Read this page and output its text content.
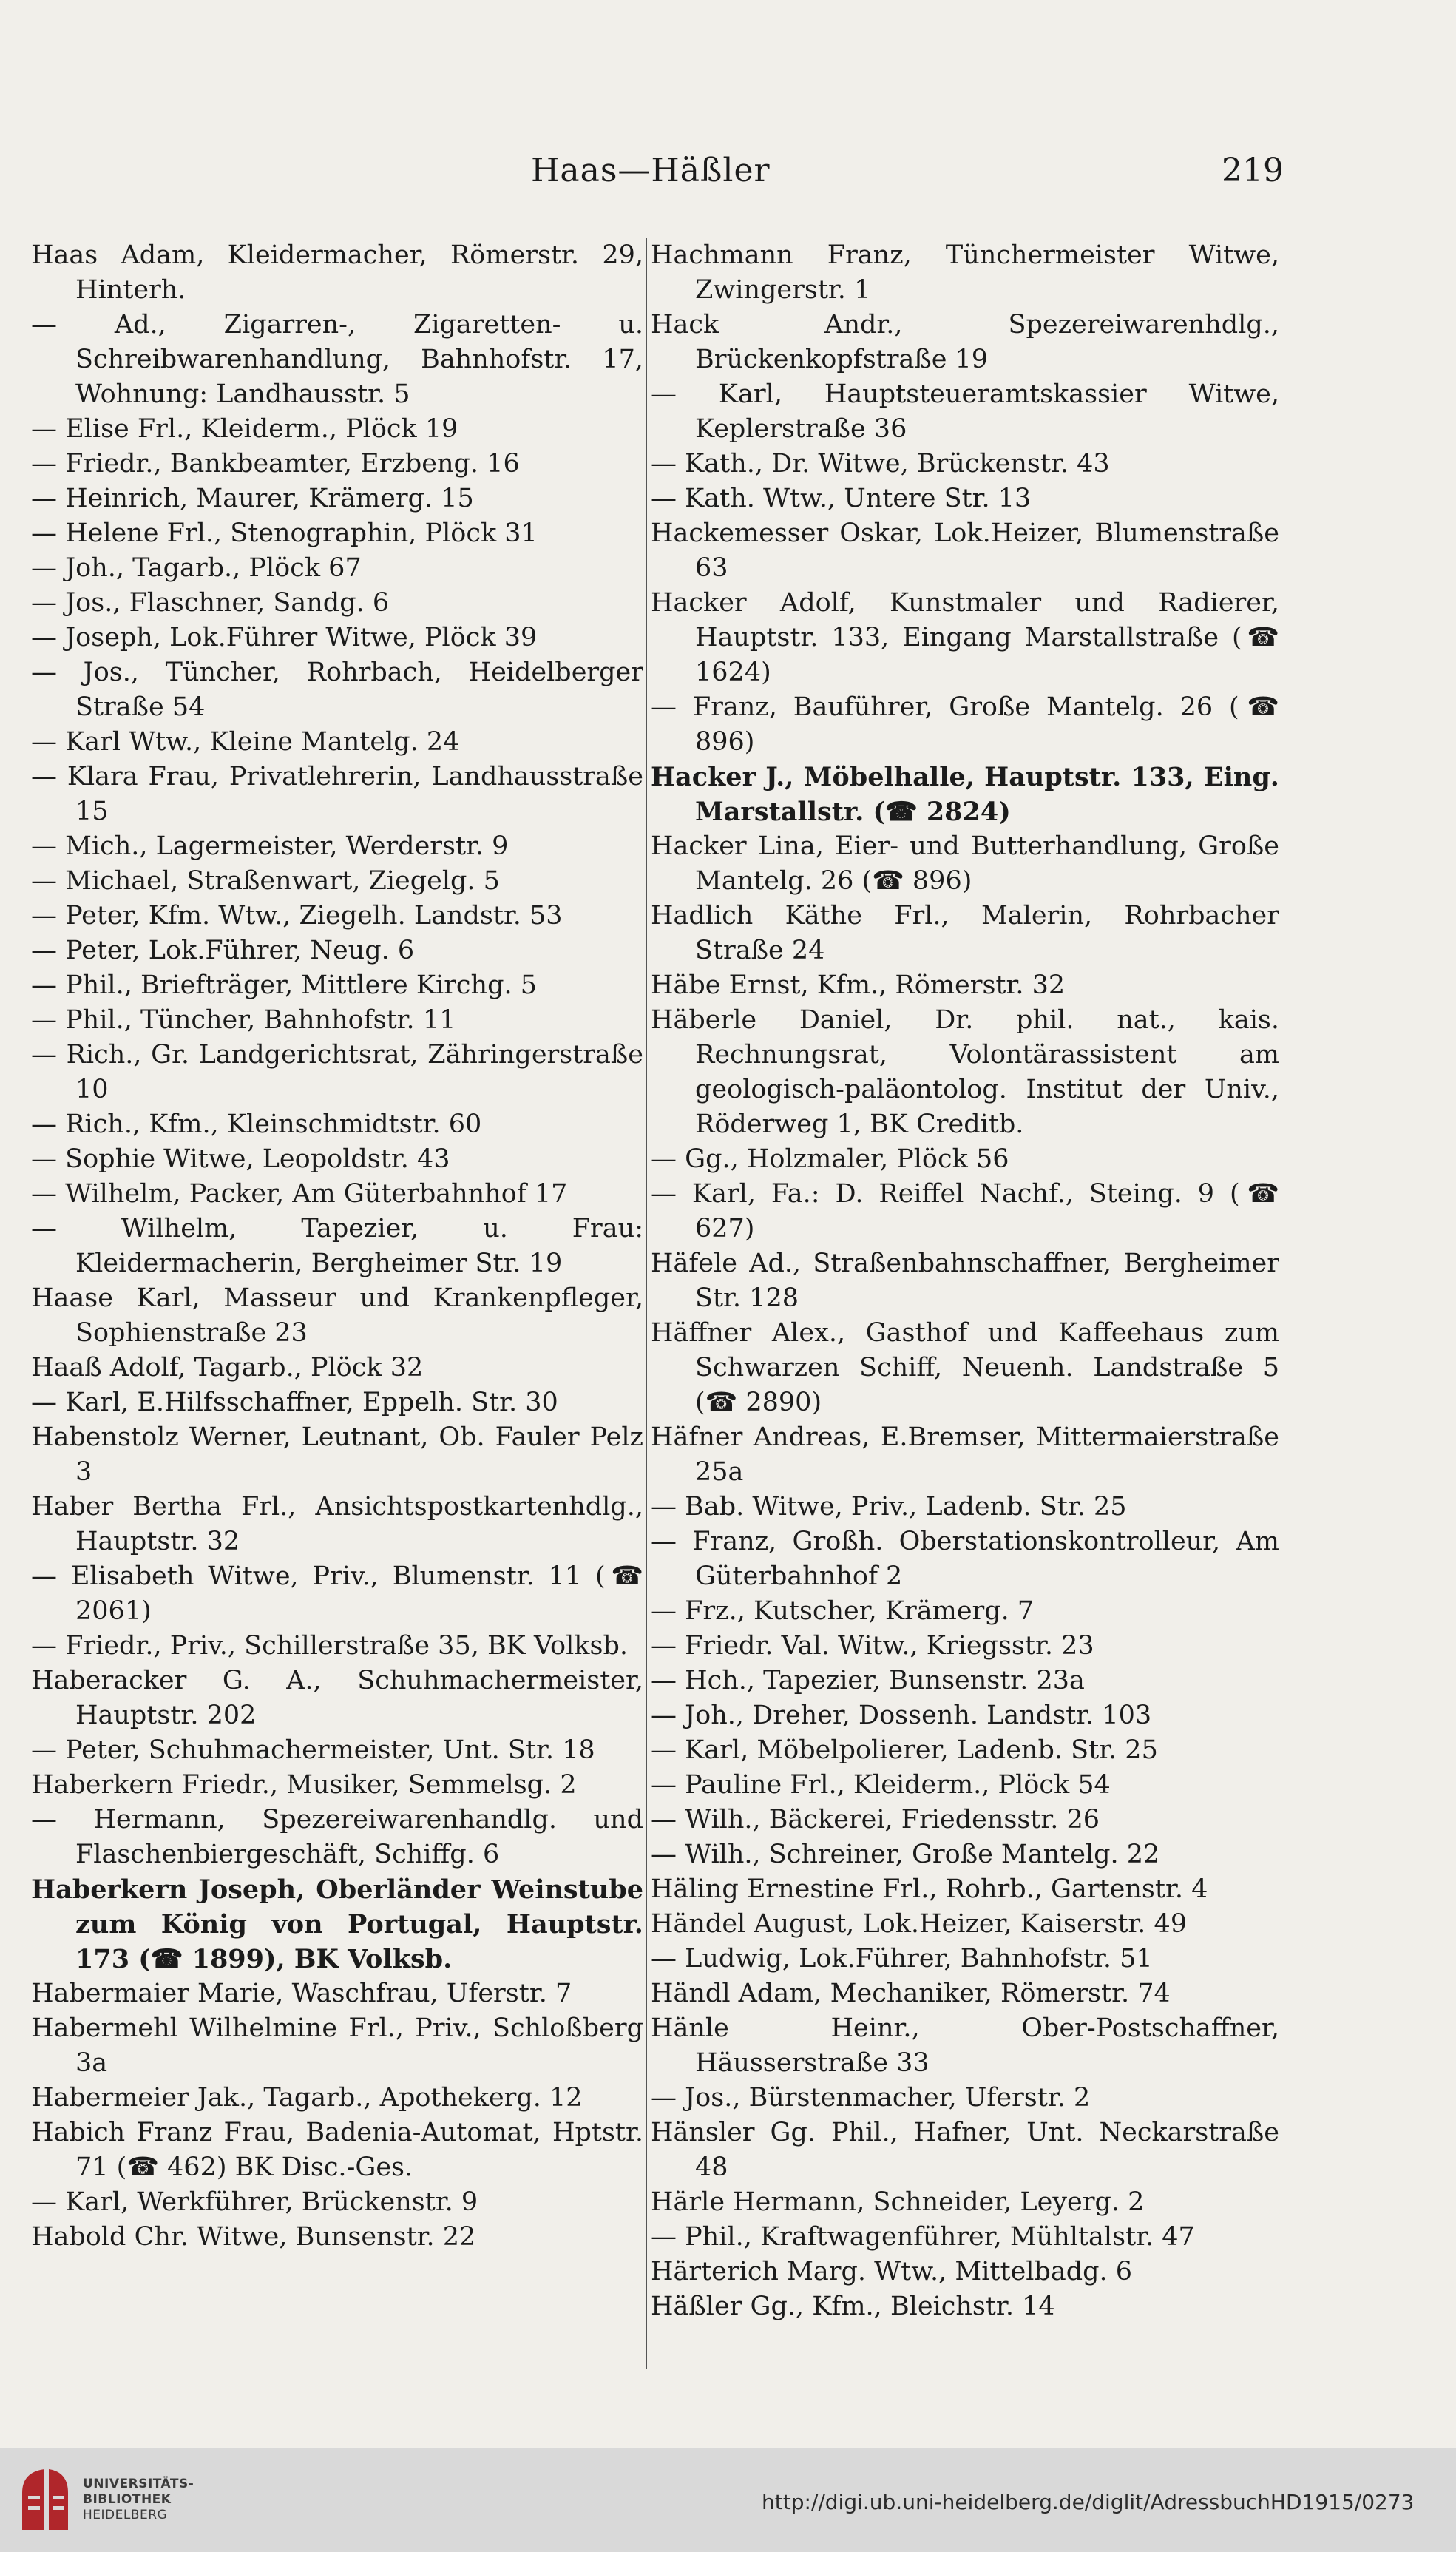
Haas—Häßler	219

Haas Adam, Kleidermacher, Römerstr. 29, Hinterh.

— Ad., Zigarren-, Zigaretten- u. Schreibwarenhandlung, Bahnhofstr. 17, Wohnung: Landhausstr. 5

— Elise Frl., Kleiderm., Plöck 19

— Friedr., Bankbeamter, Erzbeng. 16

— Heinrich, Maurer, Krämerg. 15

— Helene Frl., Stenographin, Plöck 31

— Joh., Tagarb., Plöck 67

— Jos., Flaschner, Sandg. 6

— Joseph, Lok.Führer Witwe, Plöck 39

— Jos., Tüncher, Rohrbach, Heidelberger Straße 54

— Karl Wtw., Kleine Mantelg. 24

— Klara Frau, Privatlehrerin, Landhausstraße 15

— Mich., Lagermeister, Werderstr. 9

— Michael, Straßenwart, Ziegelg. 5

— Peter, Kfm. Wtw., Ziegelh. Landstr. 53

— Peter, Lok.Führer, Neug. 6

— Phil., Briefträger, Mittlere Kirchg. 5

— Phil., Tüncher, Bahnhofstr. 11

— Rich., Gr. Landgerichtsrat, Zähringerstraße 10

— Rich., Kfm., Kleinschmidtstr. 60

— Sophie Witwe, Leopoldstr. 43

— Wilhelm, Packer, Am Güterbahnhof 17

— Wilhelm, Tapezier, u. Frau: Kleidermacherin, Bergheimer Str. 19

Haase Karl, Masseur und Krankenpfleger, Sophienstraße 23

Haaß Adolf, Tagarb., Plöck 32

— Karl, E.Hilfsschaffner, Eppelh. Str. 30

Habenstolz Werner, Leutnant, Ob. Fauler Pelz 3

Haber Bertha Frl., Ansichtspostkartenhdlg., Hauptstr. 32

— Elisabeth Witwe, Priv., Blumenstr. 11 (☎ 2061)

— Friedr., Priv., Schillerstraße 35, BK Volksb.

Haberacker G. A., Schuhmachermeister, Hauptstr. 202

— Peter, Schuhmachermeister, Unt. Str. 18

Haberkern Friedr., Musiker, Semmelsg. 2

— Hermann, Spezereiwarenhandlg. und Flaschenbiergeschäft, Schiffg. 6

Haberkern Joseph, Oberländer Weinstube zum König von Portugal, Hauptstr. 173 (☎ 1899), BK Volksb.

Habermaier Marie, Waschfrau, Uferstr. 7

Habermehl Wilhelmine Frl., Priv., Schloßberg 3a

Habermeier Jak., Tagarb., Apothekerg. 12

Habich Franz Frau, Badenia-Automat, Hptstr. 71 (☎ 462) BK Disc.-Ges.

— Karl, Werkführer, Brückenstr. 9

Habold Chr. Witwe, Bunsenstr. 22

Hachmann Franz, Tünchermeister Witwe, Zwingerstr. 1

Hack Andr., Spezereiwarenhdlg., Brückenkopfstraße 19

— Karl, Hauptsteueramtskassier Witwe, Keplerstraße 36

— Kath., Dr. Witwe, Brückenstr. 43

— Kath. Wtw., Untere Str. 13

Hackemesser Oskar, Lok.Heizer, Blumenstraße 63

Hacker Adolf, Kunstmaler und Radierer, Hauptstr. 133, Eingang Marstallstraße (☎ 1624)

— Franz, Bauführer, Große Mantelg. 26 (☎ 896)

Hacker J., Möbelhalle, Hauptstr. 133, Eing. Marstallstr. (☎ 2824)

Hacker Lina, Eier- und Butterhandlung, Große Mantelg. 26 (☎ 896)

Hadlich Käthe Frl., Malerin, Rohrbacher Straße 24

Häbe Ernst, Kfm., Römerstr. 32

Häberle Daniel, Dr. phil. nat., kais. Rechnungsrat, Volontärassistent am geologisch-paläontolog. Institut der Univ., Röderweg 1, BK Creditb.

— Gg., Holzmaler, Plöck 56

— Karl, Fa.: D. Reiffel Nachf., Steing. 9 (☎ 627)

Häfele Ad., Straßenbahnschaffner, Bergheimer Str. 128

Häffner Alex., Gasthof und Kaffeehaus zum Schwarzen Schiff, Neuenh. Landstraße 5 (☎ 2890)

Häfner Andreas, E.Bremser, Mittermaierstraße 25a

— Bab. Witwe, Priv., Ladenb. Str. 25

— Franz, Großh. Oberstationskontrolleur, Am Güterbahnhof 2

— Frz., Kutscher, Krämerg. 7

— Friedr. Val. Witw., Kriegsstr. 23

— Hch., Tapezier, Bunsenstr. 23a

— Joh., Dreher, Dossenh. Landstr. 103

— Karl, Möbelpolierer, Ladenb. Str. 25

— Pauline Frl., Kleiderm., Plöck 54

— Wilh., Bäckerei, Friedensstr. 26

— Wilh., Schreiner, Große Mantelg. 22

Häling Ernestine Frl., Rohrb., Gartenstr. 4

Händel August, Lok.Heizer, Kaiserstr. 49

— Ludwig, Lok.Führer, Bahnhofstr. 51

Händl Adam, Mechaniker, Römerstr. 74

Hänle Heinr., Ober-Postschaffner, Häusserstraße 33

— Jos., Bürstenmacher, Uferstr. 2

Hänsler Gg. Phil., Hafner, Unt. Neckarstraße 48

Härle Hermann, Schneider, Leyerg. 2

— Phil., Kraftwagenführer, Mühltalstr. 47

Härterich Marg. Wtw., Mittelbadg. 6

Häßler Gg., Kfm., Bleichstr. 14

UNIVERSITÄTS-
BIBLIOTHEK
HEIDELBERG
http://digi.ub.uni-heidelberg.de/diglit/AdressbuchHD1915/0273
